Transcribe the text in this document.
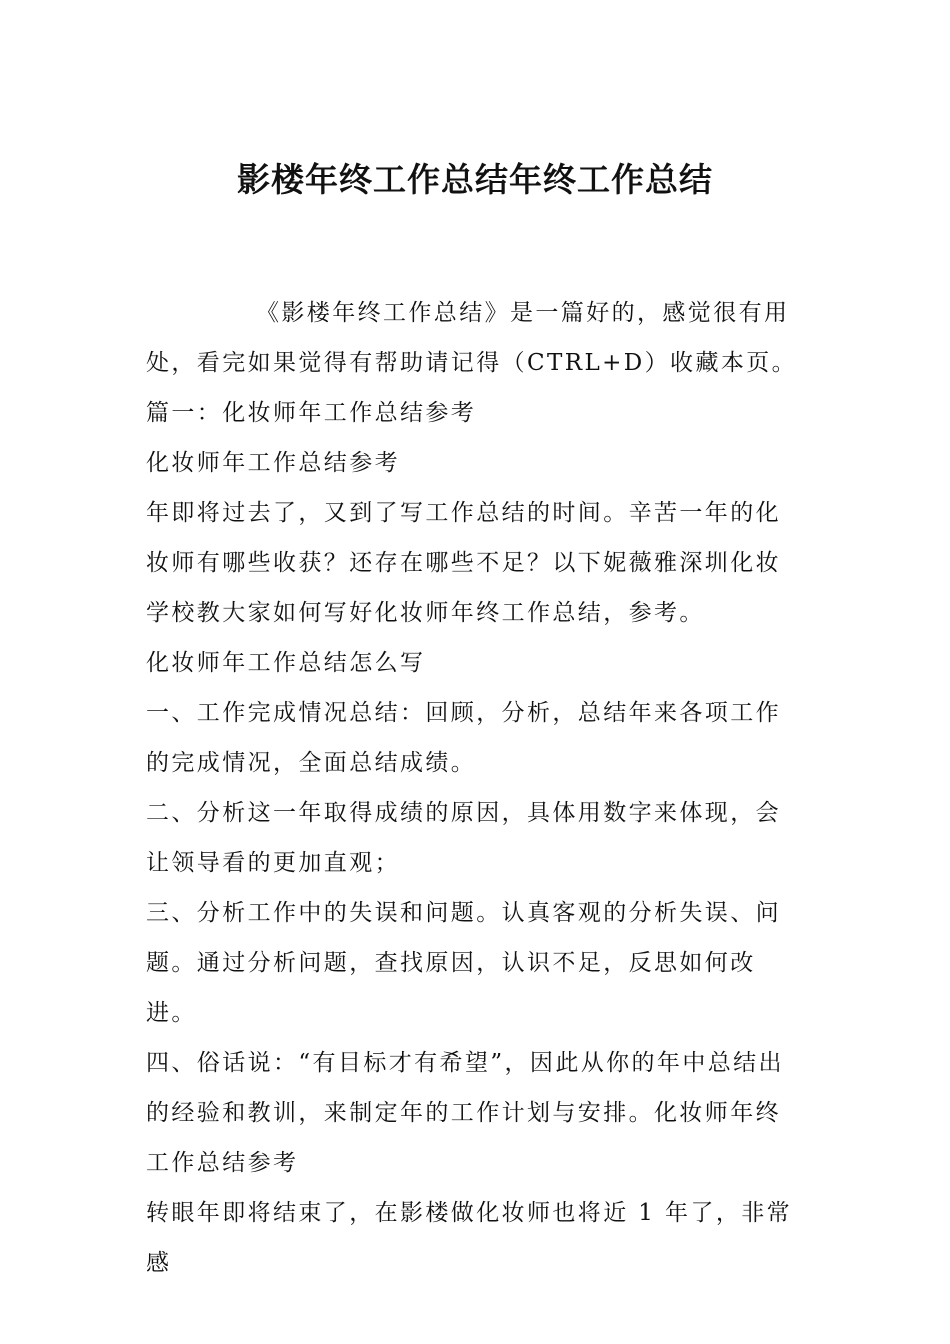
影楼年终工作总结年终工作总结

《影楼年终工作总结》是一篇好的，感觉很有用处，看完如果觉得有帮助请记得（CTRL+D）收藏本页。

篇一：化妆师年工作总结参考

化妆师年工作总结参考

年即将过去了，又到了写工作总结的时间。辛苦一年的化妆师有哪些收获？还存在哪些不足？以下妮薇雅深圳化妆学校教大家如何写好化妆师年终工作总结，参考。

化妆师年工作总结怎么写

一、工作完成情况总结：回顾，分析，总结年来各项工作的完成情况，全面总结成绩。

二、分析这一年取得成绩的原因，具体用数字来体现，会让领导看的更加直观；

三、分析工作中的失误和问题。认真客观的分析失误、问题。通过分析问题，查找原因，认识不足，反思如何改进。

四、俗话说：“有目标才有希望”，因此从你的年中总结出的经验和教训，来制定年的工作计划与安排。化妆师年终工作总结参考

转眼年即将结束了，在影楼做化妆师也将近 1 年了，非常感
